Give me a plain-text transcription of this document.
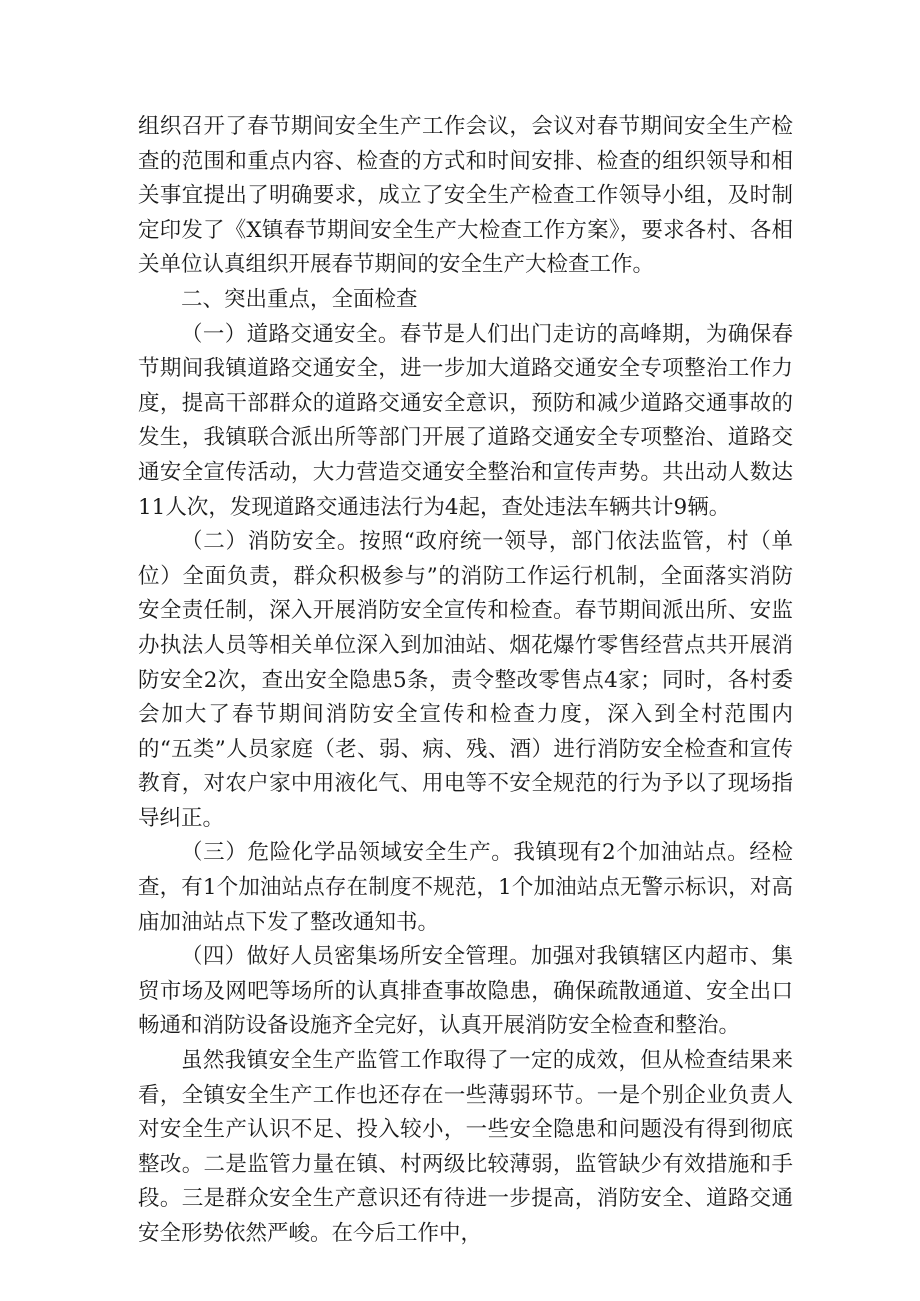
组织召开了春节期间安全生产工作会议，会议对春节期间安全生产检查的范围和重点内容、检查的方式和时间安排、检查的组织领导和相关事宜提出了明确要求，成立了安全生产检查工作领导小组，及时制定印发了《X镇春节期间安全生产大检查工作方案》，要求各村、各相关单位认真组织开展春节期间的安全生产大检查工作。

二、突出重点，全面检查

（一）道路交通安全。春节是人们出门走访的高峰期，为确保春节期间我镇道路交通安全，进一步加大道路交通安全专项整治工作力度，提高干部群众的道路交通安全意识，预防和减少道路交通事故的发生，我镇联合派出所等部门开展了道路交通安全专项整治、道路交通安全宣传活动，大力营造交通安全整治和宣传声势。共出动人数达11人次，发现道路交通违法行为4起，查处违法车辆共计9辆。

（二）消防安全。按照“政府统一领导，部门依法监管，村（单位）全面负责，群众积极参与”的消防工作运行机制，全面落实消防安全责任制，深入开展消防安全宣传和检查。春节期间派出所、安监办执法人员等相关单位深入到加油站、烟花爆竹零售经营点共开展消防安全2次，查出安全隐患5条，责令整改零售点4家；同时，各村委会加大了春节期间消防安全宣传和检查力度，深入到全村范围内的“五类”人员家庭（老、弱、病、残、酒）进行消防安全检查和宣传教育，对农户家中用液化气、用电等不安全规范的行为予以了现场指导纠正。

（三）危险化学品领域安全生产。我镇现有2个加油站点。经检查，有1个加油站点存在制度不规范，1个加油站点无警示标识，对高庙加油站点下发了整改通知书。

（四）做好人员密集场所安全管理。加强对我镇辖区内超市、集贸市场及网吧等场所的认真排查事故隐患，确保疏散通道、安全出口畅通和消防设备设施齐全完好，认真开展消防安全检查和整治。

虽然我镇安全生产监管工作取得了一定的成效，但从检查结果来看，全镇安全生产工作也还存在一些薄弱环节。一是个别企业负责人对安全生产认识不足、投入较小，一些安全隐患和问题没有得到彻底整改。二是监管力量在镇、村两级比较薄弱，监管缺少有效措施和手段。三是群众安全生产意识还有待进一步提高，消防安全、道路交通安全形势依然严峻。在今后工作中，
